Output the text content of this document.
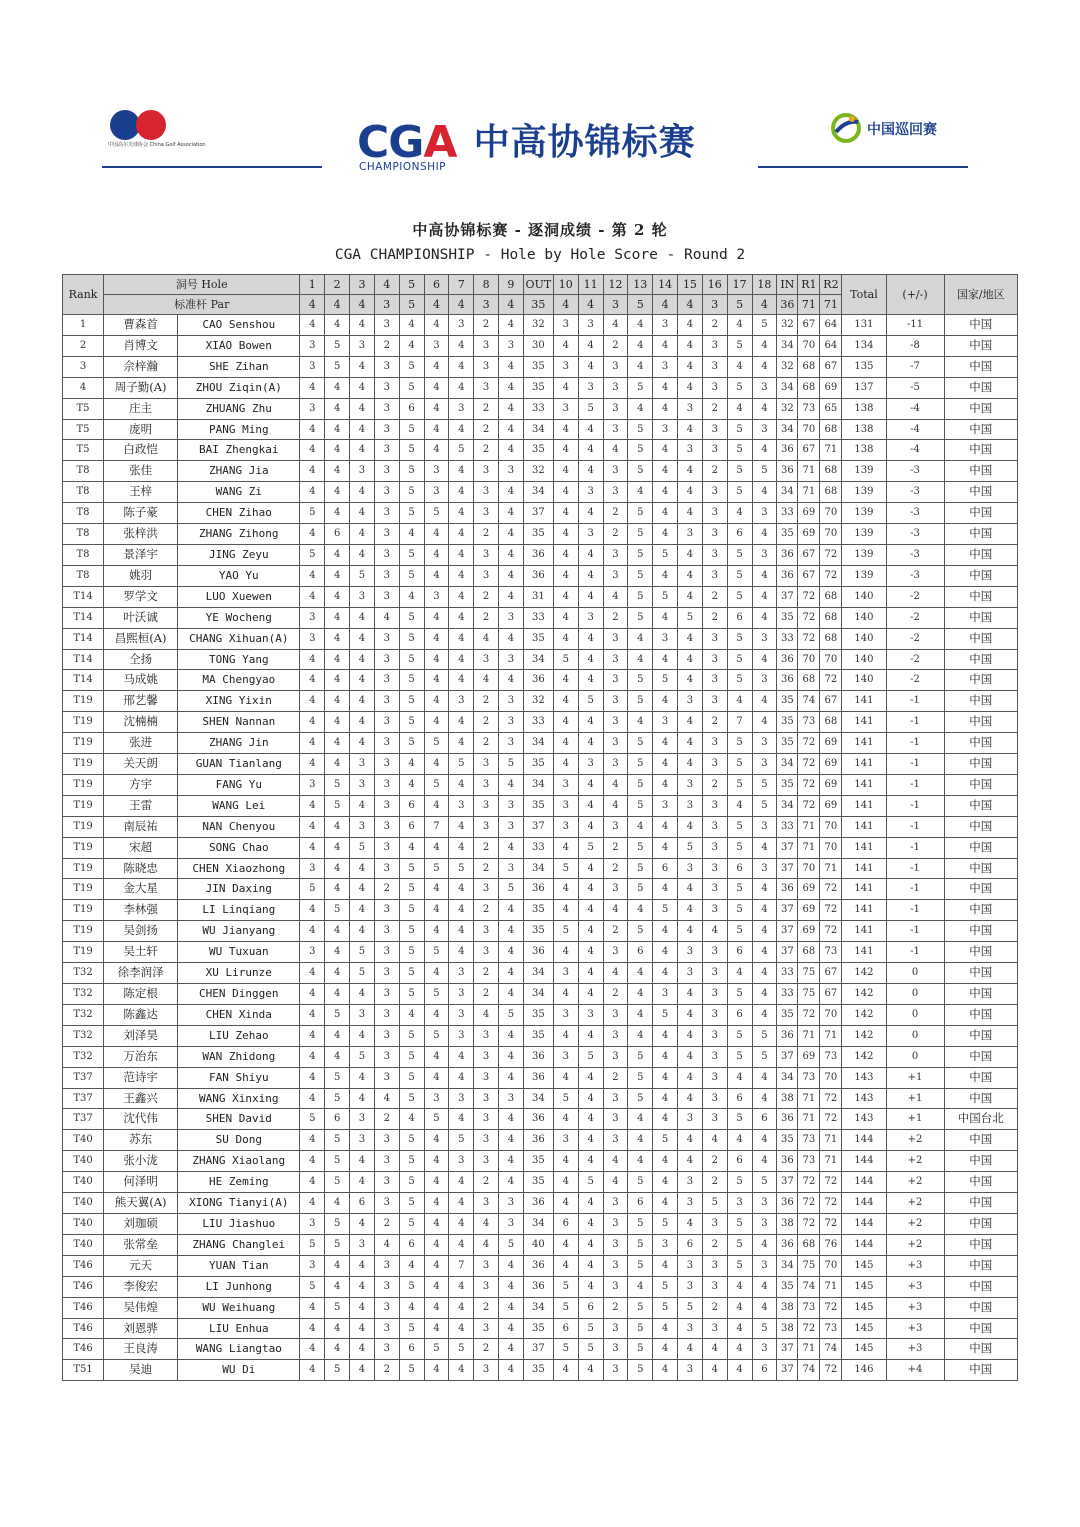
中国高尔夫球协会 China Golf Association	CGA
CHAMPIONSHIP
中高协锦标赛	中国巡回赛
中高协锦标赛 - 逐洞成绩 - 第 2 轮
CGA CHAMPIONSHIP - Hole by Hole Score - Round 2
Rank	洞号 Hole		1	2	3	4	5	6	7	8	9	OUT	10	11	12	13	14	15	16	17	18	IN	R1	R2	Total	(+/-)	国家/地区
	标准杆 Par		4	4	4	3	5	4	4	3	4	35	4	4	3	5	4	4	3	5	4	36	71	71			
1	曹森首	CAO Senshou	4	4	4	3	4	4	3	2	4	32	3	3	4	4	3	4	2	4	5	32	67	64	131	-11	中国
2	肖博文	XIAO Bowen	3	5	3	2	4	3	4	3	3	30	4	4	2	4	4	4	3	5	4	34	70	64	134	-8	中国
3	佘梓瀚	SHE Zihan	3	5	4	3	5	4	4	3	4	35	3	4	3	4	3	4	3	4	4	32	68	67	135	-7	中国
4	周子勤(A)	ZHOU Ziqin(A)	4	4	4	3	5	4	4	3	4	35	4	3	3	5	4	4	3	5	3	34	68	69	137	-5	中国
T5	庄主	ZHUANG Zhu	3	4	4	3	6	4	3	2	4	33	3	5	3	4	4	3	2	4	4	32	73	65	138	-4	中国
T5	庞明	PANG Ming	4	4	4	3	5	4	4	2	4	34	4	4	3	5	3	4	3	5	3	34	70	68	138	-4	中国
T5	白政恺	BAI Zhengkai	4	4	4	3	5	4	5	2	4	35	4	4	4	5	4	3	3	5	4	36	67	71	138	-4	中国
T8	张佳	ZHANG Jia	4	4	3	3	5	3	4	3	3	32	4	4	3	5	4	4	2	5	5	36	71	68	139	-3	中国
T8	王梓	WANG Zi	4	4	4	3	5	3	4	3	4	34	4	3	3	4	4	4	3	5	4	34	71	68	139	-3	中国
T8	陈子豪	CHEN Zihao	5	4	4	3	5	5	4	3	4	37	4	4	2	5	4	4	3	4	3	33	69	70	139	-3	中国
T8	张梓洪	ZHANG Zihong	4	6	4	3	4	4	4	2	4	35	4	3	2	5	4	3	3	6	4	35	69	70	139	-3	中国
T8	景泽宇	JING Zeyu	5	4	4	3	5	4	4	3	4	36	4	4	3	5	5	4	3	5	3	36	67	72	139	-3	中国
T8	姚羽	YAO Yu	4	4	5	3	5	4	4	3	4	36	4	4	3	5	4	4	3	5	4	36	67	72	139	-3	中国
T14	罗学文	LUO Xuewen	4	4	3	3	4	3	4	2	4	31	4	4	4	5	5	4	2	5	4	37	72	68	140	-2	中国
T14	叶沃诚	YE Wocheng	3	4	4	4	5	4	4	2	3	33	4	3	2	5	4	5	2	6	4	35	72	68	140	-2	中国
T14	昌熙桓(A)	CHANG Xihuan(A)	3	4	4	3	5	4	4	4	4	35	4	4	3	4	3	4	3	5	3	33	72	68	140	-2	中国
T14	仝扬	TONG Yang	4	4	4	3	5	4	4	3	3	34	5	4	3	4	4	4	3	5	4	36	70	70	140	-2	中国
T14	马成姚	MA Chengyao	4	4	4	3	5	4	4	4	4	36	4	4	3	5	5	4	3	5	3	36	68	72	140	-2	中国
T19	邢艺馨	XING Yixin	4	4	4	3	5	4	3	2	3	32	4	5	3	5	4	3	3	4	4	35	74	67	141	-1	中国
T19	沈楠楠	SHEN Nannan	4	4	4	3	5	4	4	2	3	33	4	4	3	4	3	4	2	7	4	35	73	68	141	-1	中国
T19	张进	ZHANG Jin	4	4	4	3	5	5	4	2	3	34	4	4	3	5	4	4	3	5	3	35	72	69	141	-1	中国
T19	关天朗	GUAN Tianlang	4	4	3	3	4	4	5	3	5	35	4	3	3	5	4	4	3	5	3	34	72	69	141	-1	中国
T19	方宇	FANG Yu	3	5	3	3	4	5	4	3	4	34	3	4	4	5	4	3	2	5	5	35	72	69	141	-1	中国
T19	王雷	WANG Lei	4	5	4	3	6	4	3	3	3	35	3	4	4	5	3	3	3	4	5	34	72	69	141	-1	中国
T19	南辰祐	NAN Chenyou	4	4	3	3	6	7	4	3	3	37	3	4	3	4	4	4	3	5	3	33	71	70	141	-1	中国
T19	宋超	SONG Chao	4	4	5	3	4	4	4	2	4	33	4	5	2	5	4	5	3	5	4	37	71	70	141	-1	中国
T19	陈晓忠	CHEN Xiaozhong	3	4	4	3	5	5	5	2	3	34	5	4	2	5	6	3	3	6	3	37	70	71	141	-1	中国
T19	金大星	JIN Daxing	5	4	4	2	5	4	4	3	5	36	4	4	3	5	4	4	3	5	4	36	69	72	141	-1	中国
T19	李林强	LI Linqiang	4	5	4	3	5	4	4	2	4	35	4	4	4	4	5	4	3	5	4	37	69	72	141	-1	中国
T19	吴剑扬	WU Jianyang	4	4	4	3	5	4	4	3	4	35	5	4	2	5	4	4	4	5	4	37	69	72	141	-1	中国
T19	吴土轩	WU Tuxuan	3	4	5	3	5	5	4	3	4	36	4	4	3	6	4	3	3	6	4	37	68	73	141	-1	中国
T32	徐李润泽	XU Lirunze	4	4	5	3	5	4	3	2	4	34	3	4	4	4	4	3	3	4	4	33	75	67	142	0	中国
T32	陈定根	CHEN Dinggen	4	4	4	3	5	5	3	2	4	34	4	4	2	4	3	4	3	5	4	33	75	67	142	0	中国
T32	陈鑫达	CHEN Xinda	4	5	3	3	4	4	3	4	5	35	3	3	3	4	5	4	3	6	4	35	72	70	142	0	中国
T32	刘泽昊	LIU Zehao	4	4	4	3	5	5	3	3	4	35	4	4	3	4	4	4	3	5	5	36	71	71	142	0	中国
T32	万治东	WAN Zhidong	4	4	5	3	5	4	4	3	4	36	3	5	3	5	4	4	3	5	5	37	69	73	142	0	中国
T37	范诗宇	FAN Shiyu	4	5	4	3	5	4	4	3	4	36	4	4	2	5	4	4	3	4	4	34	73	70	143	+1	中国
T37	王鑫兴	WANG Xinxing	4	5	4	4	5	3	3	3	3	34	5	4	3	5	4	4	3	6	4	38	71	72	143	+1	中国
T37	沈代伟	SHEN David	5	6	3	2	4	5	4	3	4	36	4	4	3	4	4	3	3	5	6	36	71	72	143	+1	中国台北
T40	苏东	SU Dong	4	5	3	3	5	4	5	3	4	36	3	4	3	4	5	4	4	4	4	35	73	71	144	+2	中国
T40	张小泷	ZHANG Xiaolang	4	5	4	3	5	4	3	3	4	35	4	4	4	4	4	4	2	6	4	36	73	71	144	+2	中国
T40	何泽明	HE Zeming	4	5	4	3	5	4	4	2	4	35	4	5	4	5	4	3	2	5	5	37	72	72	144	+2	中国
T40	熊天翼(A)	XIONG Tianyi(A)	4	4	6	3	5	4	4	3	3	36	4	4	3	6	4	3	5	3	3	36	72	72	144	+2	中国
T40	刘珈硕	LIU Jiashuo	3	5	4	2	5	4	4	4	3	34	6	4	3	5	5	4	3	5	3	38	72	72	144	+2	中国
T40	张常垒	ZHANG Changlei	5	5	3	4	6	4	4	4	5	40	4	4	3	5	3	6	2	5	4	36	68	76	144	+2	中国
T46	元天	YUAN Tian	3	4	4	3	4	4	7	3	4	36	4	4	3	5	4	3	3	5	3	34	75	70	145	+3	中国
T46	李俊宏	LI Junhong	5	4	4	3	5	4	4	3	4	36	5	4	3	4	5	3	3	4	4	35	74	71	145	+3	中国
T46	吴伟煌	WU Weihuang	4	5	4	3	4	4	4	2	4	34	5	6	2	5	5	5	2	4	4	38	73	72	145	+3	中国
T46	刘恩骅	LIU Enhua	4	4	4	3	5	4	4	3	4	35	6	5	3	5	4	3	3	4	5	38	72	73	145	+3	中国
T46	王良涛	WANG Liangtao	4	4	4	3	6	5	5	2	4	37	5	5	3	5	4	4	4	4	3	37	71	74	145	+3	中国
T51	吴迪	WU Di	4	5	4	2	5	4	4	3	4	35	4	4	3	5	4	3	4	4	6	37	74	72	146	+4	中国
